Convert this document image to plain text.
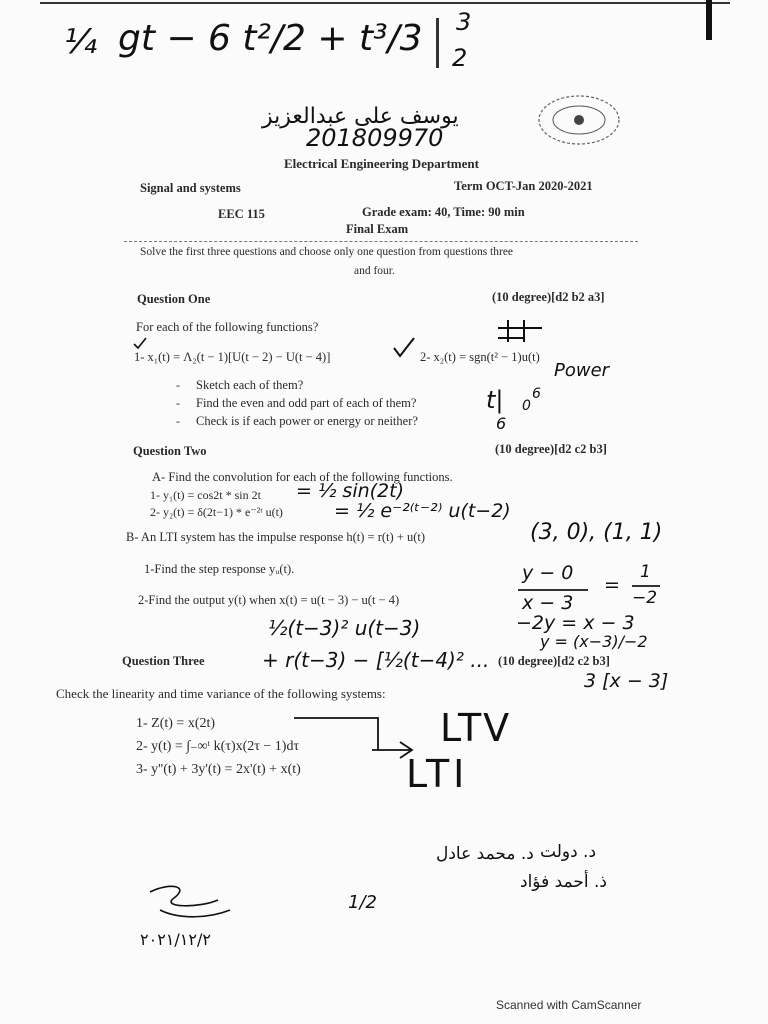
¼ gt − 6 t²/2 + t³/3 3
2
يوسف على عبدالعزيز
201809970
Electrical Engineering Department
Signal and systems	Term OCT-Jan 2020-2021
EEC 115	Grade exam: 40, Time: 90 min
Final Exam
Solve the first three questions and choose only one question from questions three
and four.
Question One	(10 degree)[d2 b2 a3]
For each of the following functions?
1- x₁(t) = Λ₂(t − 1)[U(t − 2) − U(t − 4)]	2- x₂(t) = sgn(t² − 1)u(t)
Power
- Sketch each of them?
- Find the even and odd part of each of them?
- Check is if each power or energy or neither?
t| 0
6
6
Question Two	(10 degree)[d2 c2 b3]
A- Find the convolution for each of the following functions.
1- y₁(t) = cos2t * sin 2t = ½ sin(2t)
2- y₂(t) = δ(2t−1) * e⁻²ᵗ u(t)	= ½ e⁻²⁽ᵗ⁻²⁾ u(t−2)
B- An LTI system has the impulse response h(t) = r(t) + u(t)	(3, 0), (1, 1)
1-Find the step response yᵤ(t).
2-Find the output y(t) when x(t) = u(t − 3) − u(t − 4)
y − 0
x − 3
=
1
−2
−2y = x − 3
y = (x−3)/−2
3 [x − 3]
½(t−3)² u(t−3)
+ r(t−3) − [½(t−4)² ...
Question Three	(10 degree)[d2 c2 b3]
Check the linearity and time variance of the following systems:
1- Z(t) = x(2t)
2- y(t) = ∫₋∞ᵗ k(τ)x(2τ − 1)dτ
3- y''(t) + 3y'(t) = 2x'(t) + x(t)
LTV
LTI
د. محمد عادل د. دولت
ذ. أحمد فؤاد
٢٠٢١/١٢/٢
1/2
Scanned with CamScanner
